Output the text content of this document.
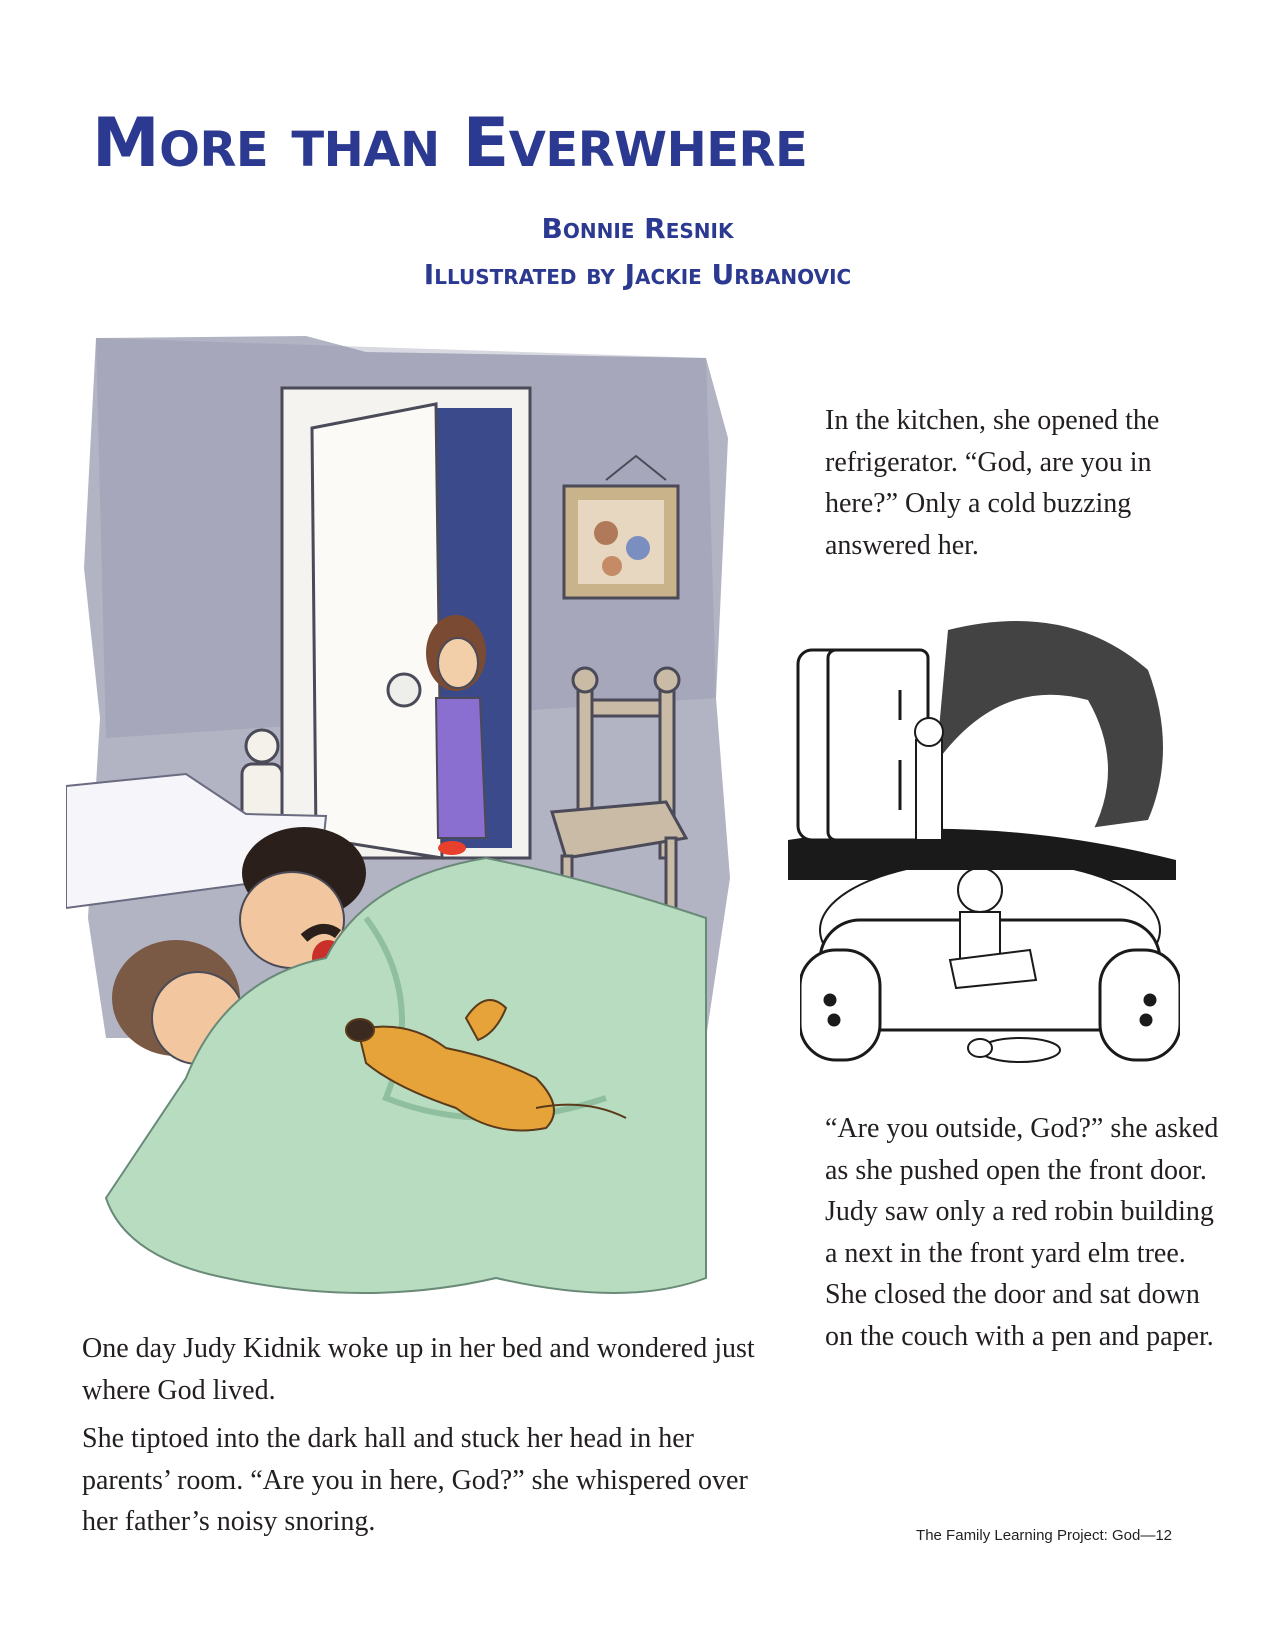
More than Everwhere
Bonnie Resnik
Illustrated by Jackie Urbanovic

In the kitchen, she opened the refrigerator. “God, are you in here?” Only a cold buzzing answered her.

“Are you outside, God?” she asked as she pushed open the front door. Judy saw only a red robin building a next in the front yard elm tree. She closed the door and sat down on the couch with a pen and paper.

One day Judy Kidnik woke up in her bed and wondered just where God lived.

She tiptoed into the dark hall and stuck her head in her parents’ room. “Are you in here, God?” she whispered over her father’s noisy snoring.	The Family Learning Project: God—12
